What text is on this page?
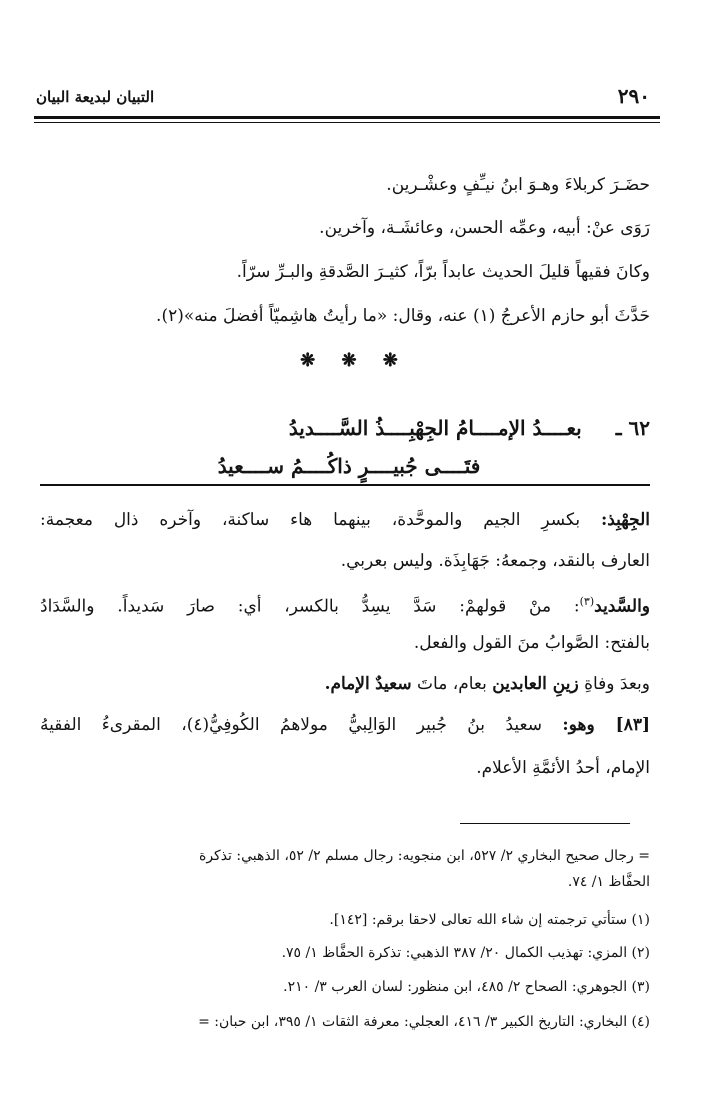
التبيان لبديعة البيان	٢٩٠
حضَـرَ كربلاءَ وهـوَ ابنُ نيـِّفٍ وعشْـرين.
رَوَى عنْ: أبيه، وعمِّه الحسن، وعائشَـة، وآخرين.
وكانَ فقيهاً قليلَ الحديث عابداً برّاً، كثيـرَ الصَّدقةِ والبـرِّ سرّاً.
حَدَّثَ أبو حازم الأعرجُ (١) عنه، وقال: «ما رأيتُ هاشِميّاً أفضلَ منه»(٢).
❋ ❋ ❋
٦٢ ـ
بعــــدُ الإمــــامُ الجِهْبِــــذُ السَّــــديدُ
فتَــــى جُبيــــرٍ ذاكُــــمُ ســــعيدُ
الجِهْبِذ: بكسرِ الجيم والموحَّدة، بينهما هاء ساكنة، وآخره ذال معجمة:
العارف بالنقد، وجمعهُ: جَهَابِذَة. وليس بعربي.
والسَّديد$^{(٣)}$: منْ قولهمْ: سَدَّ يسِدُّ بالكسر، أي: صارَ سَديداً. والسَّدَادُ
بالفتح: الصَّوابُ منَ القول والفعل.
وبعدَ وفاةِ زينِ العابدين بعام، ماتَ سعيدٌ الإمام.
[٨٣] وهو: سعيدُ بنُ جُبير الوَالِبيُّ مولاهمُ الكُوفِيُّ(٤)، المقرىءُ الفقيهُ
الإمام، أحدُ الأئمَّةِ الأعلام.
= رجال صحيح البخاري ٢/ ٥٢٧، ابن منجويه: رجال مسلم ٢/ ٥٢، الذهبي: تذكرة
الحفَّاظ ١/ ٧٤.
(١) ستأتي ترجمته إن شاء الله تعالى لاحقا برقم: [١٤٢].
(٢) المزي: تهذيب الكمال ٢٠/ ٣٨٧ الذهبي: تذكرة الحفَّاظ ١/ ٧٥.
(٣) الجوهري: الصحاح ٢/ ٤٨٥، ابن منظور: لسان العرب ٣/ ٢١٠.
(٤) البخاري: التاريخ الكبير ٣/ ٤١٦، العجلي: معرفة الثقات ١/ ٣٩٥، ابن حبان: =
